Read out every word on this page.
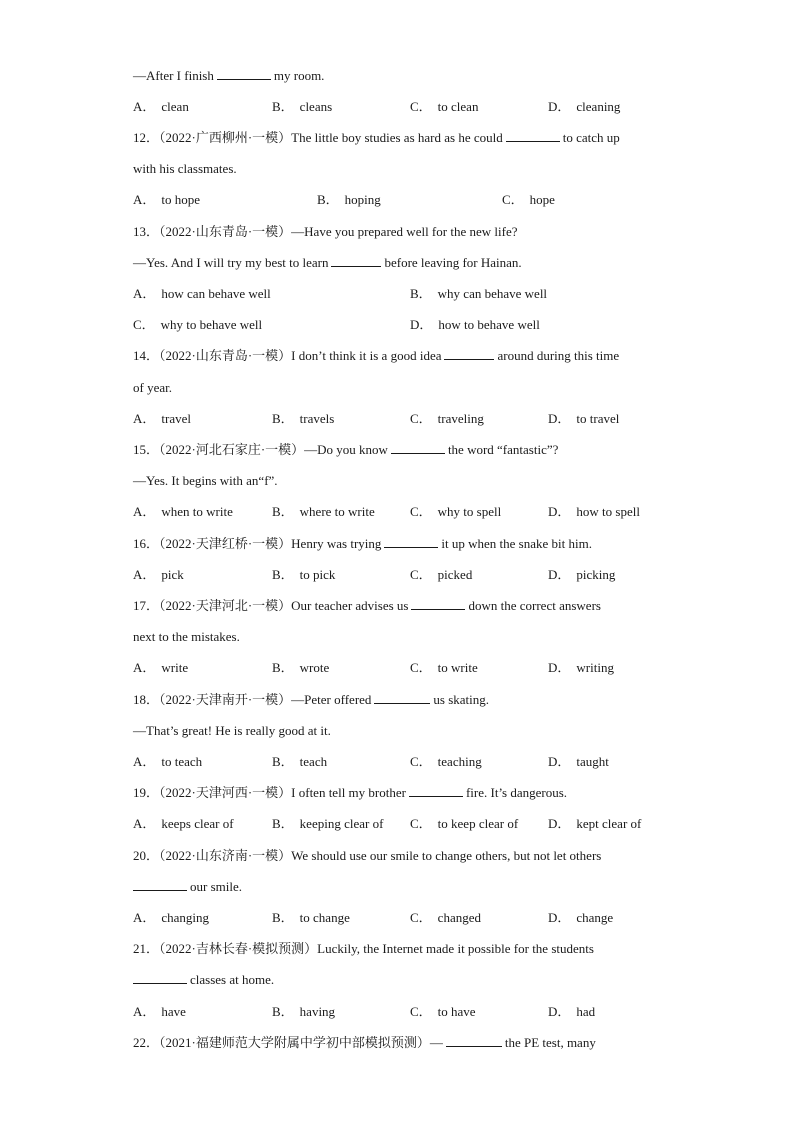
—After I finish	my room.
A． clean	B． cleans	C． to clean	D． cleaning
12．（2022·广西柳州·一模）The little boy studies as hard as he could	to catch up
with his classmates.
A． to hope	B． hoping	C． hope
13．（2022·山东青岛·一模）—Have you prepared well for the new life?
—Yes. And I will try my best to learn	before leaving for Hainan.
A． how can behave well	B． why can behave well
C． why to behave well	D． how to behave well
14．（2022·山东青岛·一模）I don’t think it is a good idea	around during this time
of year.
A． travel	B． travels	C． traveling	D． to travel
15．（2022·河北石家庄·一模）—Do you know	the word “fantastic”?
—Yes. It begins with an“f”.
A． when to write	B． where to write	C． why to spell	D． how to spell
16．（2022·天津红桥·一模）Henry was trying	it up when the snake bit him.
A． pick	B． to pick	C． picked	D． picking
17．（2022·天津河北·一模）Our teacher advises us	down the correct answers
next to the mistakes.
A． write	B． wrote	C． to write	D． writing
18．（2022·天津南开·一模）—Peter offered	us skating.
—That’s great! He is really good at it.
A． to teach	B． teach	C． teaching	D． taught
19．（2022·天津河西·一模）I often tell my brother	fire. It’s dangerous.
A． keeps clear of	B． keeping clear of C． to keep clear of D． kept clear of
20．（2022·山东济南·一模）We should use our smile to change others, but not let others
our smile.
A． changing	B． to change	C． changed	D． change
21．（2022·吉林长春·模拟预测）Luckily, the Internet made it possible for the students
classes at home.
A． have	B． having	C． to have	D． had
22．（2021·福建师范大学附属中学初中部模拟预测）—	the PE test, many
